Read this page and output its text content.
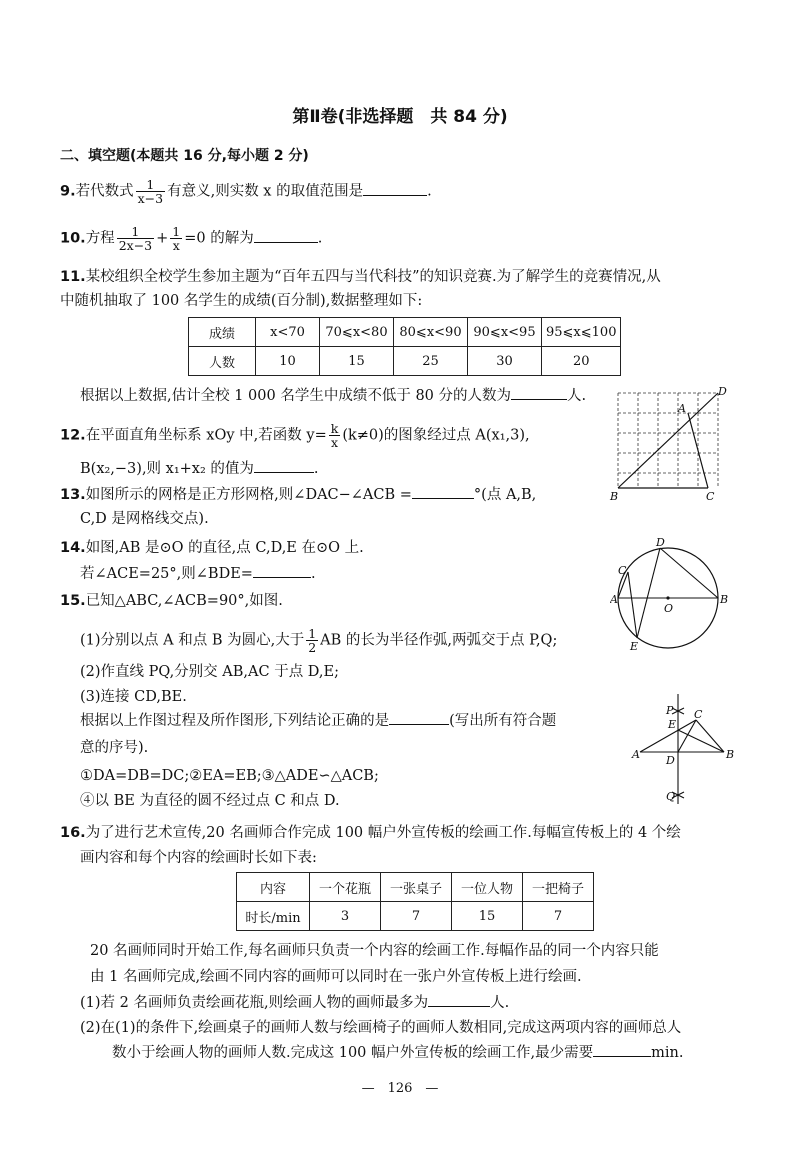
第Ⅱ卷(非选择题　共 84 分)
二、填空题(本题共 16 分,每小题 2 分)
9.若代数式 $\frac{1}{x-3}$ 有意义,则实数 x 的取值范围是	.
10.方程 $\frac{1}{2x-3} + \frac{1}{x} =0$ 的解为	.
11.某校组织全校学生参加主题为“百年五四与当代科技”的知识竞赛.为了解学生的竞赛情况,从
中随机抽取了 100 名学生的成绩(百分制),数据整理如下:
成绩	x<70	70⩽x<80	80⩽x<90	90⩽x<95	95⩽x⩽100
人数	10	15	25	30	20
根据以上数据,估计全校 1 000 名学生中成绩不低于 80 分的人数为	人.
12.在平面直角坐标系 xOy 中,若函数 $y= \frac{k}{x} (k\ne 0)$的图象经过点 A(x₁,3),
B(x₂,−3),则 x₁+x₂ 的值为	.
13.如图所示的网格是正方形网格,则∠DAC−∠ACB =	°(点 A,B,
C,D 是网格线交点).
14.如图,AB 是⊙O 的直径,点 C,D,E 在⊙O 上.
若∠ACE=25°,则∠BDE=	.
15.已知△ABC,∠ACB=90°,如图.
(1)分别以点 A 和点 B 为圆心,大于 $\frac{1}{2}$ AB 的长为半径作弧,两弧交于点 P,Q;
(2)作直线 PQ,分别交 AB,AC 于点 D,E;
(3)连接 CD,BE.
根据以上作图过程及所作图形,下列结论正确的是	(写出所有符合题
意的序号).
①DA=DB=DC;②EA=EB;③△ADE∽△ACB;
④以 BE 为直径的圆不经过点 C 和点 D.
16.为了进行艺术宣传,20 名画师合作完成 100 幅户外宣传板的绘画工作.每幅宣传板上的 4 个绘
画内容和每个内容的绘画时长如下表:
内容	一个花瓶	一张桌子	一位人物	一把椅子
时长/min	3	7	15	7
20 名画师同时开始工作,每名画师只负责一个内容的绘画工作.每幅作品的同一个内容只能
由 1 名画师完成,绘画不同内容的画师可以同时在一张户外宣传板上进行绘画.
(1)若 2 名画师负责绘画花瓶,则绘画人物的画师最多为	人.
(2)在(1)的条件下,绘画桌子的画师人数与绘画椅子的画师人数相同,完成这两项内容的画师总人
数小于绘画人物的画师人数.完成这 100 幅户外宣传板的绘画工作,最少需要	min.
B	C
D
A
A	B
C
D
E
O
A	B
C
D
E
P
Q
—　126　—
